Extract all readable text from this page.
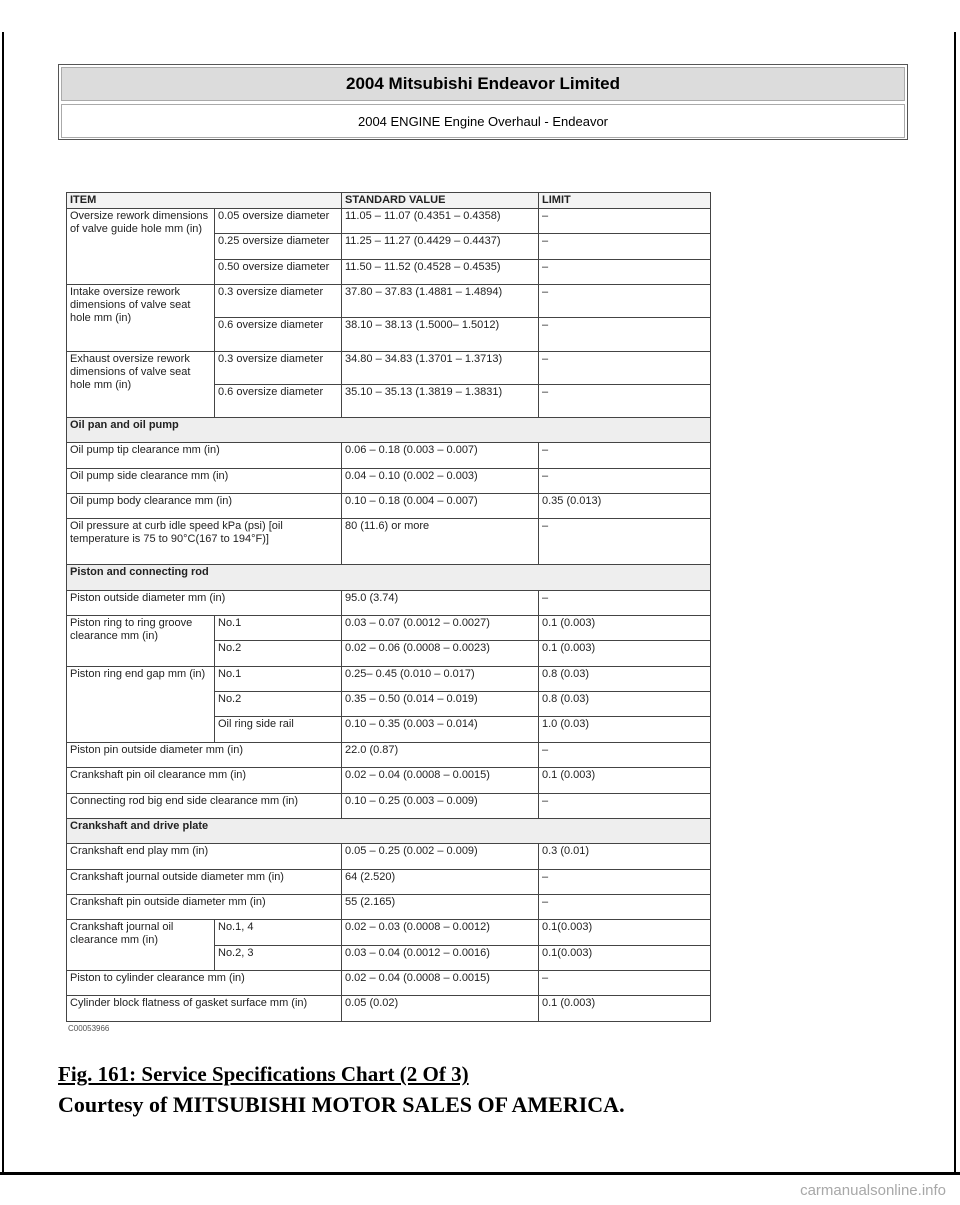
2004 Mitsubishi Endeavor Limited
2004 ENGINE Engine Overhaul - Endeavor
ITEM		STANDARD VALUE	LIMIT
Oversize rework dimensions of valve guide hole mm (in)	0.05 oversize diameter	11.05 – 11.07 (0.4351 – 0.4358)	–
	0.25 oversize diameter	11.25 – 11.27 (0.4429 – 0.4437)	–
	0.50 oversize diameter	11.50 – 11.52 (0.4528 – 0.4535)	–
Intake oversize rework dimensions of valve seat hole mm (in)	0.3 oversize diameter	37.80 – 37.83 (1.4881 – 1.4894)	–
	0.6 oversize diameter	38.10 – 38.13 (1.5000– 1.5012)	–
Exhaust oversize rework dimensions of valve seat hole mm (in)	0.3 oversize diameter	34.80 – 34.83 (1.3701 – 1.3713)	–
	0.6 oversize diameter	35.10 – 35.13 (1.3819 – 1.3831)	–
Oil pan and oil pump			
Oil pump tip clearance mm (in)		0.06 – 0.18 (0.003 – 0.007)	–
Oil pump side clearance mm (in)		0.04 – 0.10 (0.002 – 0.003)	–
Oil pump body clearance mm (in)		0.10 – 0.18 (0.004 – 0.007)	0.35 (0.013)
Oil pressure at curb idle speed kPa (psi) [oil temperature is 75 to 90°C(167 to 194°F)]		80 (11.6) or more	–
Piston and connecting rod			
Piston outside diameter mm (in)		95.0 (3.74)	–
Piston ring to ring groove clearance mm (in)	No.1	0.03 – 0.07 (0.0012 – 0.0027)	0.1 (0.003)
	No.2	0.02 – 0.06 (0.0008 – 0.0023)	0.1 (0.003)
Piston ring end gap mm (in)	No.1	0.25– 0.45 (0.010 – 0.017)	0.8 (0.03)
	No.2	0.35 – 0.50 (0.014 – 0.019)	0.8 (0.03)
	Oil ring side rail	0.10 – 0.35 (0.003 – 0.014)	1.0 (0.03)
Piston pin outside diameter mm (in)		22.0 (0.87)	–
Crankshaft pin oil clearance mm (in)		0.02 – 0.04 (0.0008 – 0.0015)	0.1 (0.003)
Connecting rod big end side clearance mm (in)		0.10 – 0.25 (0.003 – 0.009)	–
Crankshaft and drive plate			
Crankshaft end play mm (in)		0.05 – 0.25 (0.002 – 0.009)	0.3 (0.01)
Crankshaft journal outside diameter mm (in)		64 (2.520)	–
Crankshaft pin outside diameter mm (in)		55 (2.165)	–
Crankshaft journal oil clearance mm (in)	No.1, 4	0.02 – 0.03 (0.0008 – 0.0012)	0.1(0.003)
	No.2, 3	0.03 – 0.04 (0.0012 – 0.0016)	0.1(0.003)
Piston to cylinder clearance mm (in)		0.02 – 0.04 (0.0008 – 0.0015)	–
Cylinder block flatness of gasket surface mm (in)		0.05 (0.02)	0.1 (0.003)
C00053966
Fig. 161: Service Specifications Chart (2 Of 3)
Courtesy of MITSUBISHI MOTOR SALES OF AMERICA.
carmanualsonline.info
